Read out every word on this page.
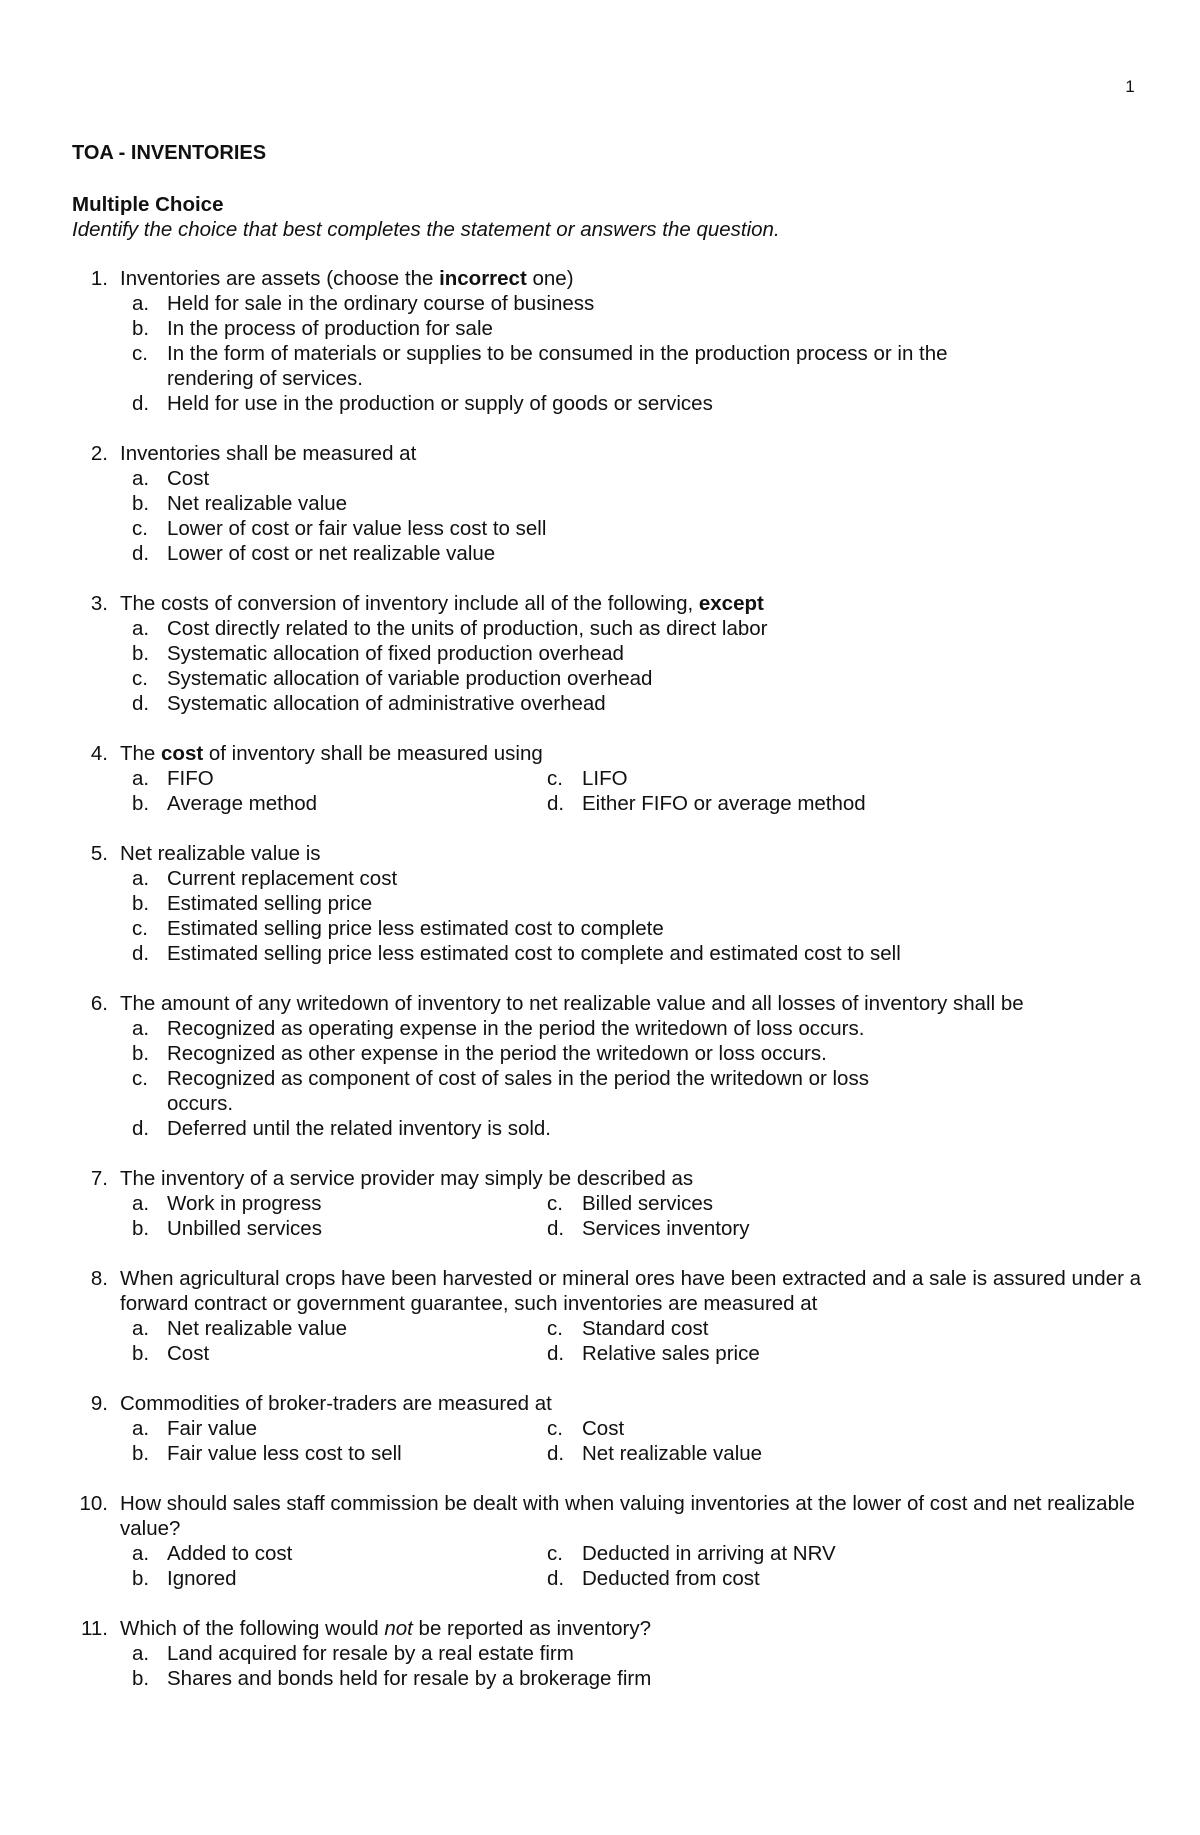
1
TOA - INVENTORIES
Multiple Choice
Identify the choice that best completes the statement or answers the question.
1. Inventories are assets (choose the incorrect one)
a. Held for sale in the ordinary course of business
b. In the process of production for sale
c. In the form of materials or supplies to be consumed in the production process or in the rendering of services.
d. Held for use in the production or supply of goods or services
2. Inventories shall be measured at
a. Cost
b. Net realizable value
c. Lower of cost or fair value less cost to sell
d. Lower of cost or net realizable value
3. The costs of conversion of inventory include all of the following, except
a. Cost directly related to the units of production, such as direct labor
b. Systematic allocation of fixed production overhead
c. Systematic allocation of variable production overhead
d. Systematic allocation of administrative overhead
4. The cost of inventory shall be measured using
a. FIFO	c. LIFO
b. Average method	d. Either FIFO or average method
5. Net realizable value is
a. Current replacement cost
b. Estimated selling price
c. Estimated selling price less estimated cost to complete
d. Estimated selling price less estimated cost to complete and estimated cost to sell
6. The amount of any writedown of inventory to net realizable value and all losses of inventory shall be
a. Recognized as operating expense in the period the writedown of loss occurs.
b. Recognized as other expense in the period the writedown or loss occurs.
c. Recognized as component of cost of sales in the period the writedown or loss occurs.
d. Deferred until the related inventory is sold.
7. The inventory of a service provider may simply be described as
a. Work in progress	c. Billed services
b. Unbilled services	d. Services inventory
8. When agricultural crops have been harvested or mineral ores have been extracted and a sale is assured under a forward contract or government guarantee, such inventories are measured at
a. Net realizable value	c. Standard cost
b. Cost	d. Relative sales price
9. Commodities of broker-traders are measured at
a. Fair value	c. Cost
b. Fair value less cost to sell	d. Net realizable value
10. How should sales staff commission be dealt with when valuing inventories at the lower of cost and net realizable value?
a. Added to cost	c. Deducted in arriving at NRV
b. Ignored	d. Deducted from cost
11. Which of the following would not be reported as inventory?
a. Land acquired for resale by a real estate firm
b. Shares and bonds held for resale by a brokerage firm
